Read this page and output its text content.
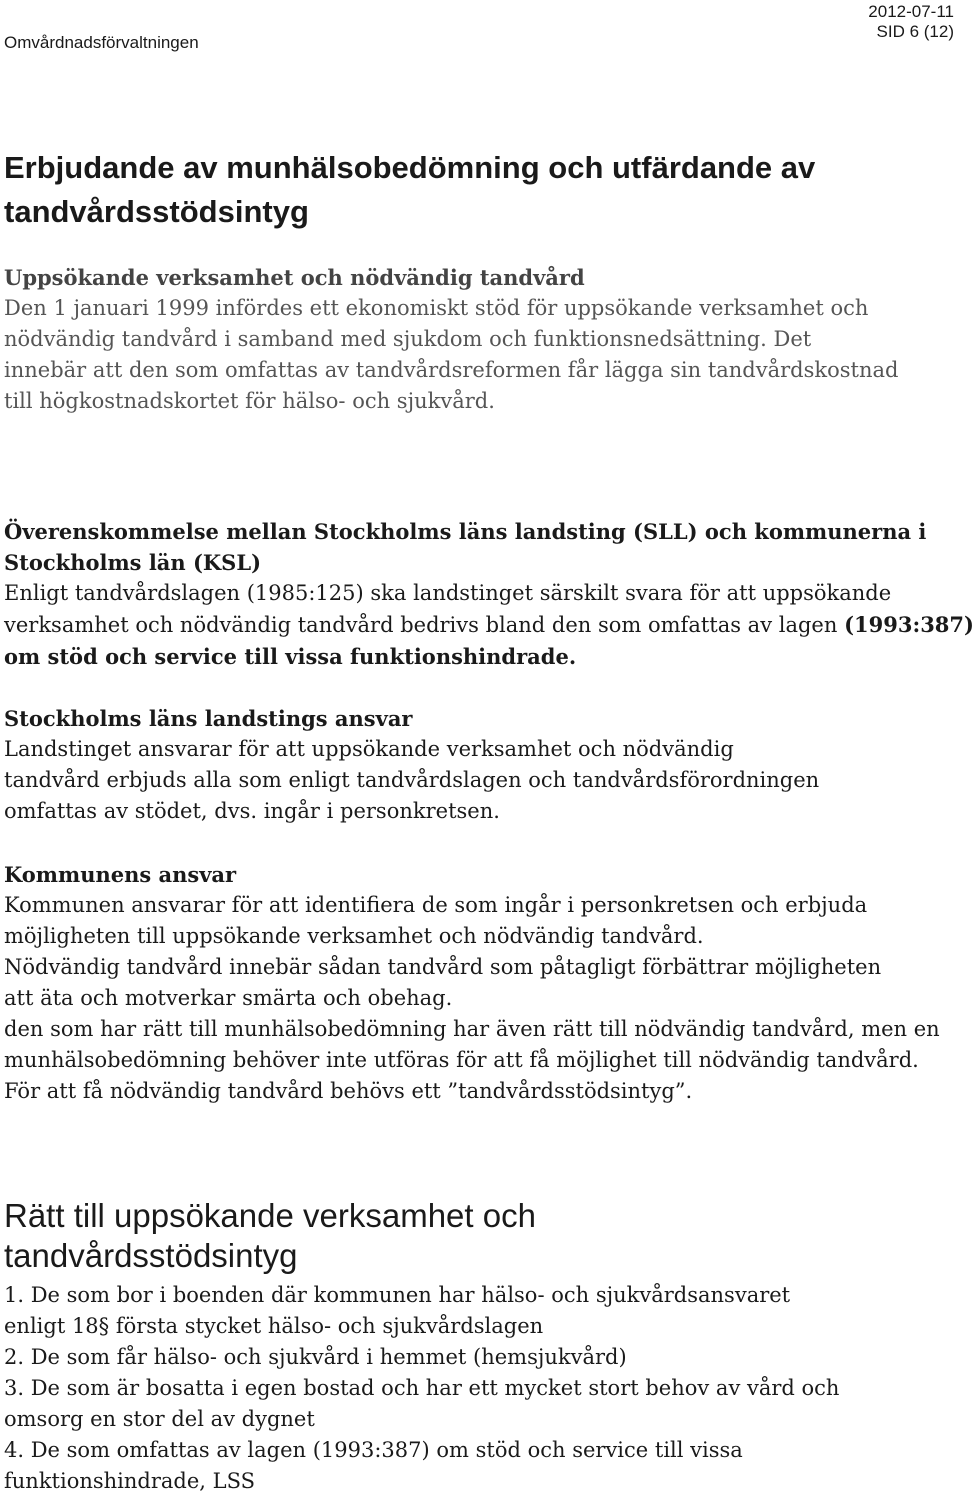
Omvårdnadsförvaltningen
2012-07-11
SID 6 (12)
Erbjudande av munhälsobedömning och utfärdande av
tandvårdsstödsintyg
Uppsökande verksamhet och nödvändig tandvård
Den 1 januari 1999 infördes ett ekonomiskt stöd för uppsökande verksamhet och
nödvändig tandvård i samband med sjukdom och funktionsnedsättning. Det
innebär att den som omfattas av tandvårdsreformen får lägga sin tandvårdskostnad
till högkostnadskortet för hälso- och sjukvård.
Överenskommelse mellan Stockholms läns landsting (SLL) och kommunerna i
Stockholms län (KSL)
Enligt tandvårdslagen (1985:125) ska landstinget särskilt svara för att uppsökande
verksamhet och nödvändig tandvård bedrivs bland den som omfattas av lagen (1993:387)
om stöd och service till vissa funktionshindrade.
Stockholms läns landstings ansvar
Landstinget ansvarar för att uppsökande verksamhet och nödvändig
tandvård erbjuds alla som enligt tandvårdslagen och tandvårdsförordningen
omfattas av stödet, dvs. ingår i personkretsen.
Kommunens ansvar
Kommunen ansvarar för att identifiera de som ingår i personkretsen och erbjuda
möjligheten till uppsökande verksamhet och nödvändig tandvård.
Nödvändig tandvård innebär sådan tandvård som påtagligt förbättrar möjligheten
att äta och motverkar smärta och obehag.
den som har rätt till munhälsobedömning har även rätt till nödvändig tandvård, men en
munhälsobedömning behöver inte utföras för att få möjlighet till nödvändig tandvård.
För att få nödvändig tandvård behövs ett ”tandvårdsstödsintyg”.
Rätt till uppsökande verksamhet och
tandvårdsstödsintyg
1. De som bor i boenden där kommunen har hälso- och sjukvårdsansvaret
enligt 18§ första stycket hälso- och sjukvårdslagen
2. De som får hälso- och sjukvård i hemmet (hemsjukvård)
3. De som är bosatta i egen bostad och har ett mycket stort behov av vård och
omsorg en stor del av dygnet
4. De som omfattas av lagen (1993:387) om stöd och service till vissa
funktionshindrade, LSS
